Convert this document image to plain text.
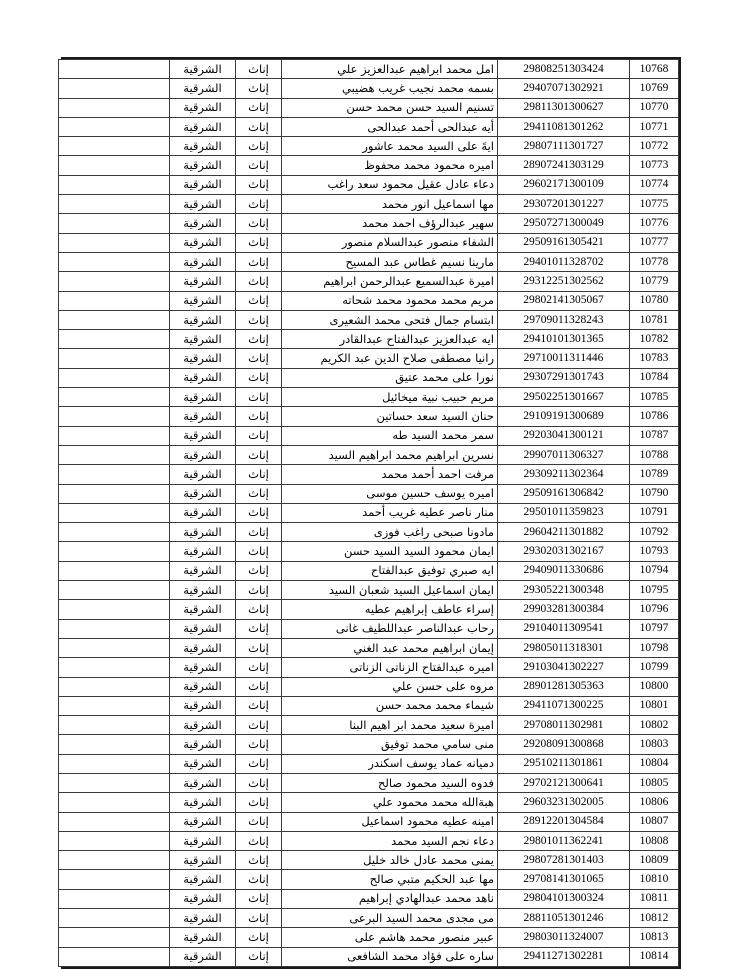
10768	29808251303424	امل محمد ابراهيم عبدالعزيز علي	إناث	الشرقية	
10769	29407071302921	بسمه محمد نجيب غريب هضيبي	إناث	الشرقية	
10770	29811301300627	تسنيم السيد حسن محمد حسن	إناث	الشرقية	
10771	29411081301262	أيه عبدالحى أحمد عبدالحى	إناث	الشرقية	
10772	29807111301727	ايةَ على السيد محمد عاشور	إناث	الشرقية	
10773	28907241303129	اميره محمود محمد محفوظ	إناث	الشرقية	
10774	29602171300109	دعاء عادل عقيل محمود سعد راغب	إناث	الشرقية	
10775	29307201301227	مها اسماعيل انور محمد	إناث	الشرقية	
10776	29507271300049	سهير عبدالرؤف احمد محمد	إناث	الشرقية	
10777	29509161305421	الشفاء منصور عبدالسلام منصور	إناث	الشرقية	
10778	29401011328702	مارينا نسيم غطاس عبد المسيح	إناث	الشرقية	
10779	29312251302562	اميرة عبدالسميع عبدالرحمن ابراهيم	إناث	الشرقية	
10780	29802141305067	مريم محمد محمود محمد شحاته	إناث	الشرقية	
10781	29709011328243	ابتسام جمال فتحى محمد الشعيرى	إناث	الشرقية	
10782	29410101301365	ايه عبدالعزيز عبدالفتاح عبدالقادر	إناث	الشرقية	
10783	29710011311446	رانيا مصطفى صلاح الدين عبد الكريم	إناث	الشرقية	
10784	29307291301743	نورا على محمد عتيق	إناث	الشرقية	
10785	29502251301667	مريم حبيب نبية ميخائيل	إناث	الشرقية	
10786	29109191300689	حنان السيد سعد حساتين	إناث	الشرقية	
10787	29203041300121	سمر محمد السيد طه	إناث	الشرقية	
10788	29907011306327	نسرين ابراهيم محمد ابراهيم السيد	إناث	الشرقية	
10789	29309211302364	مرفت احمد أحمد محمد	إناث	الشرقية	
10790	29509161306842	اميره يوسف حسين موسى	إناث	الشرقية	
10791	29501011359823	منار ناصر عطيه غريب أحمد	إناث	الشرقية	
10792	29604211301882	مادونا صبحى راغب فوزى	إناث	الشرقية	
10793	29302031302167	ايمان محمود السيد السيد حسن	إناث	الشرقية	
10794	29409011330686	ايه صبري توفيق عبدالفتاح	إناث	الشرقية	
10795	29305221300348	ايمان اسماعيل السيد شعبان السيد	إناث	الشرقية	
10796	29903281300384	إسراء عاطف إبراهيم عطيه	إناث	الشرقية	
10797	29104011309541	رحاب عبدالناصر عبداللطيف غانى	إناث	الشرقية	
10798	29805011318301	إيمان ابراهيم محمد عبد الغني	إناث	الشرقية	
10799	29103041302227	اميره عبدالفتاح الزناتى الزناتى	إناث	الشرقية	
10800	28901281305363	مروه على حسن علي	إناث	الشرقية	
10801	29411071300225	شيماء محمد محمد حسن	إناث	الشرقية	
10802	29708011302981	اميرة سعيد محمد ابر اهيم البنا	إناث	الشرقية	
10803	29208091300868	منى سامي محمد توفيق	إناث	الشرقية	
10804	29510211301861	دميانه عماد يوسف اسكندر	إناث	الشرقية	
10805	29702121300641	فدوه السيد محمود صالح	إناث	الشرقية	
10806	29603231302005	هبةالله محمد محمود علي	إناث	الشرقية	
10807	28912201304584	امينه عطيه محمود اسماعيل	إناث	الشرقية	
10808	29801011362241	دعاء نجم السيد محمد	إناث	الشرقية	
10809	29807281301403	يمنى محمد عادل خالد خليل	إناث	الشرقية	
10810	29708141301065	مها عبد الحكيم متبي صالح	إناث	الشرقية	
10811	29804101300324	ناهد محمد عبدالهادي إبراهيم	إناث	الشرقية	
10812	28811051301246	مى مجدى محمد السيد البرعى	إناث	الشرقية	
10813	29803011324007	عبير منصور محمد هاشم على	إناث	الشرقية	
10814	29411271302281	ساره على فؤاد محمد الشافعى	إناث	الشرقية	
